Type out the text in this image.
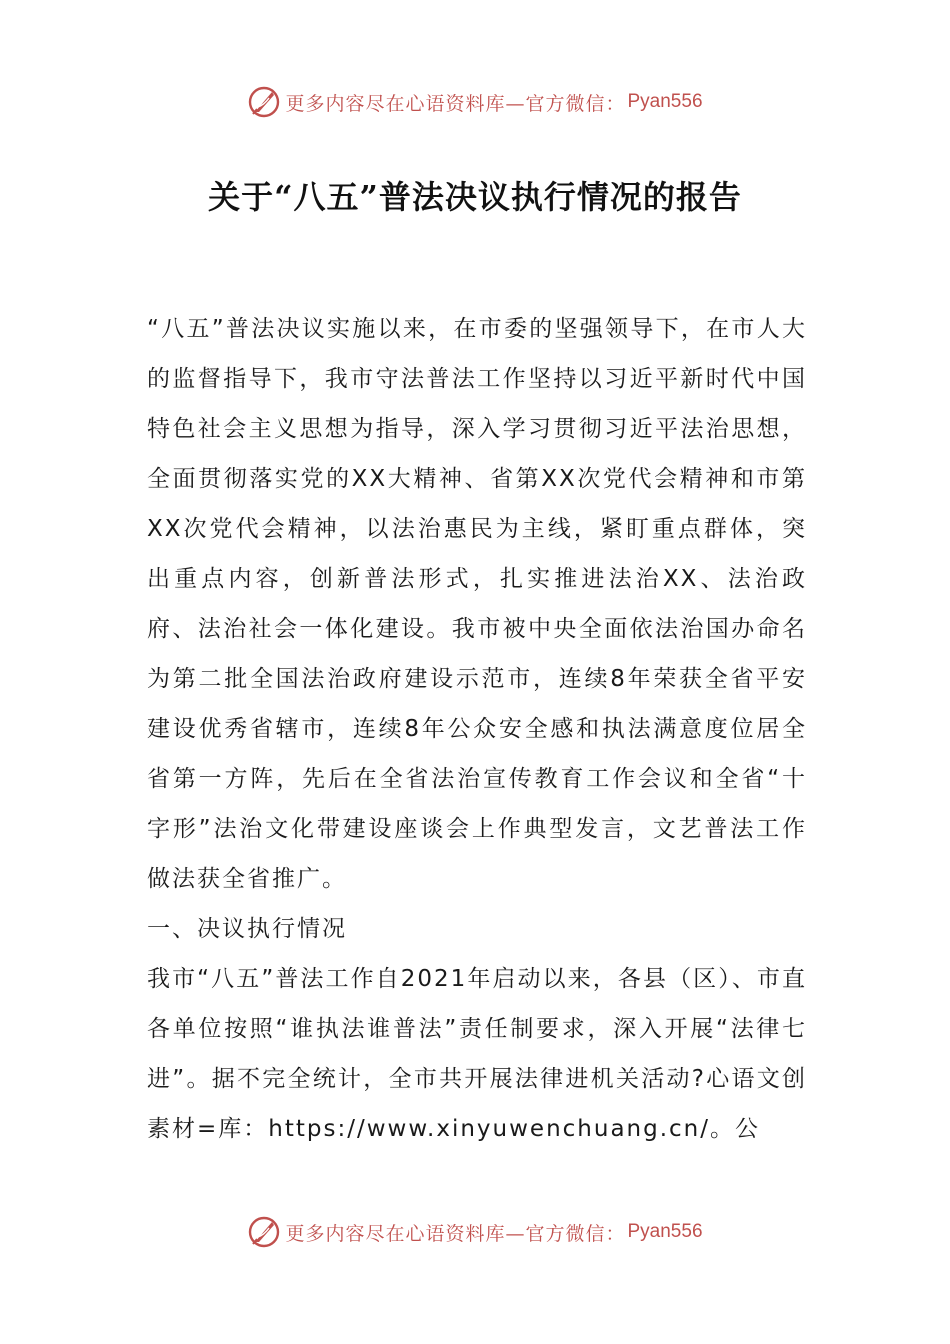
更多内容尽在心语资料库—官方微信： Pyan556
关于“八五”普法决议执行情况的报告

“八五”普法决议实施以来，在市委的坚强领导下，在市人大的监督指导下，我市守法普法工作坚持以习近平新时代中国特色社会主义思想为指导，深入学习贯彻习近平法治思想，全面贯彻落实党的XX大精神、省第XX次党代会精神和市第XX次党代会精神，以法治惠民为主线，紧盯重点群体，突出重点内容，创新普法形式，扎实推进法治XX、法治政府、法治社会一体化建设。我市被中央全面依法治国办命名为第二批全国法治政府建设示范市，连续8年荣获全省平安建设优秀省辖市，连续8年公众安全感和执法满意度位居全省第一方阵，先后在全省法治宣传教育工作会议和全省“十字形”法治文化带建设座谈会上作典型发言，文艺普法工作做法获全省推广。

一、决议执行情况

我市“八五”普法工作自2021年启动以来，各县（区）、市直各单位按照“谁执法谁普法”责任制要求，深入开展“法律七进”。据不完全统计，全市共开展法律进机关活动?心语文创素材=库：https://www.xinyuwenchuang.cn/。公

更多内容尽在心语资料库—官方微信： Pyan556
